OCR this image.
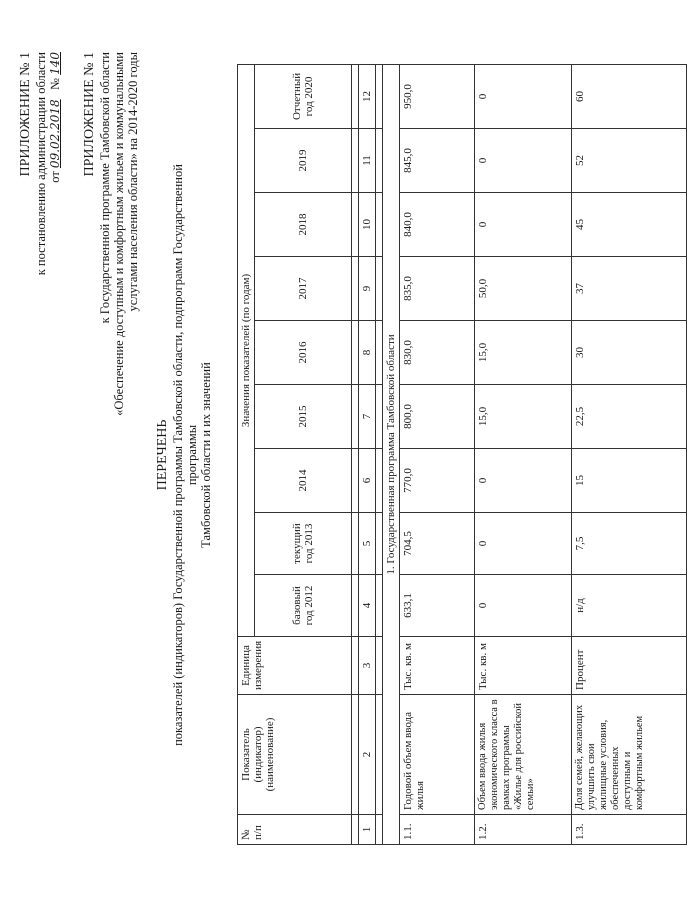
ПРИЛОЖЕНИЕ № 1 к постановлению администрации области от 09.02.2018   № 140 ПРИЛОЖЕНИЕ № 1 к Государственной программе Тамбовской области «Обеспечение доступным и комфортным жильем и коммунальными услугами населения области» на 2014-2020 годы
ПЕРЕЧЕНЬ показателей (индикаторов) Государственной программы Тамбовской области, подпрограмм Государственной программы Тамбовской области и их значений
№ п/п	Показатель (индикатор) (наименование)	Единица измерения	Значения показателей (по годам)								
			базовый год 2012	текущий год 2013	2014	2015	2016	2017	2018	2019	Отчетный год 2020

1	2	3	4	5	6	7	8	9	10	11	12

1. Государственная программа Тамбовской области											
1.1.	Годовой объем ввода жилья	Тыс. кв. м	633,1	704,5	770,0	800,0	830,0	835,0	840,0	845,0	950,0
1.2.	Объем ввода жилья экономического класса в рамках программы «Жилье для российской семьи»	Тыс. кв. м	0	0	0	15,0	15,0	50,0	0	0	0
1.3.	Доля семей, желающих улучшить свои жилищные условия, обеспеченных доступным и комфортным жильем	Процент	н/д	7,5	15	22,5	30	37	45	52	60
